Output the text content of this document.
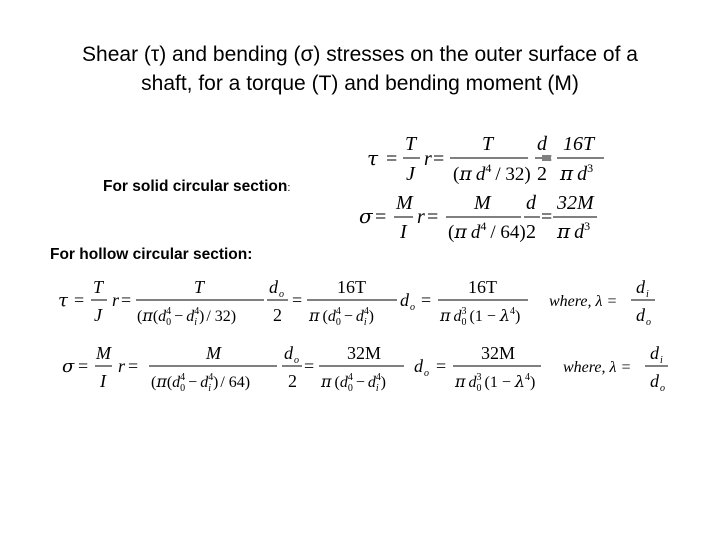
Shear (τ) and bending (σ) stresses on the outer surface of a
shaft, for a torque (T) and bending moment (M)
For solid circular section:
For hollow circular section:
τ =
T
J
r =
T
(π $d^4 / 32$)
d
2
=
16T
π $d^3$
σ =
M
I
r =
M
(π $d^4 / 64$)
d
2
=
32M
π $d^3$
τ =
T
J
r =
T
($\pi(d^4$ $0 - d^4$ i ) / 32)
d o
2
=
16T
π ($d^4$ $0 - d^4$ i )
d o =
16T
π $d^3$ 0 $(1 - \lambda^4)$
where, λ =
d i
d o
σ =
M
I
r =
M
($\pi(d^4$ $0 - d^4$ i ) / 64)
d o
2
=
32M
π ($d^4$ $0 - d^4$ i )
d o =
32M
π $d^3$ 0 $(1 - \lambda^4)$
where, λ =
d i
d o
